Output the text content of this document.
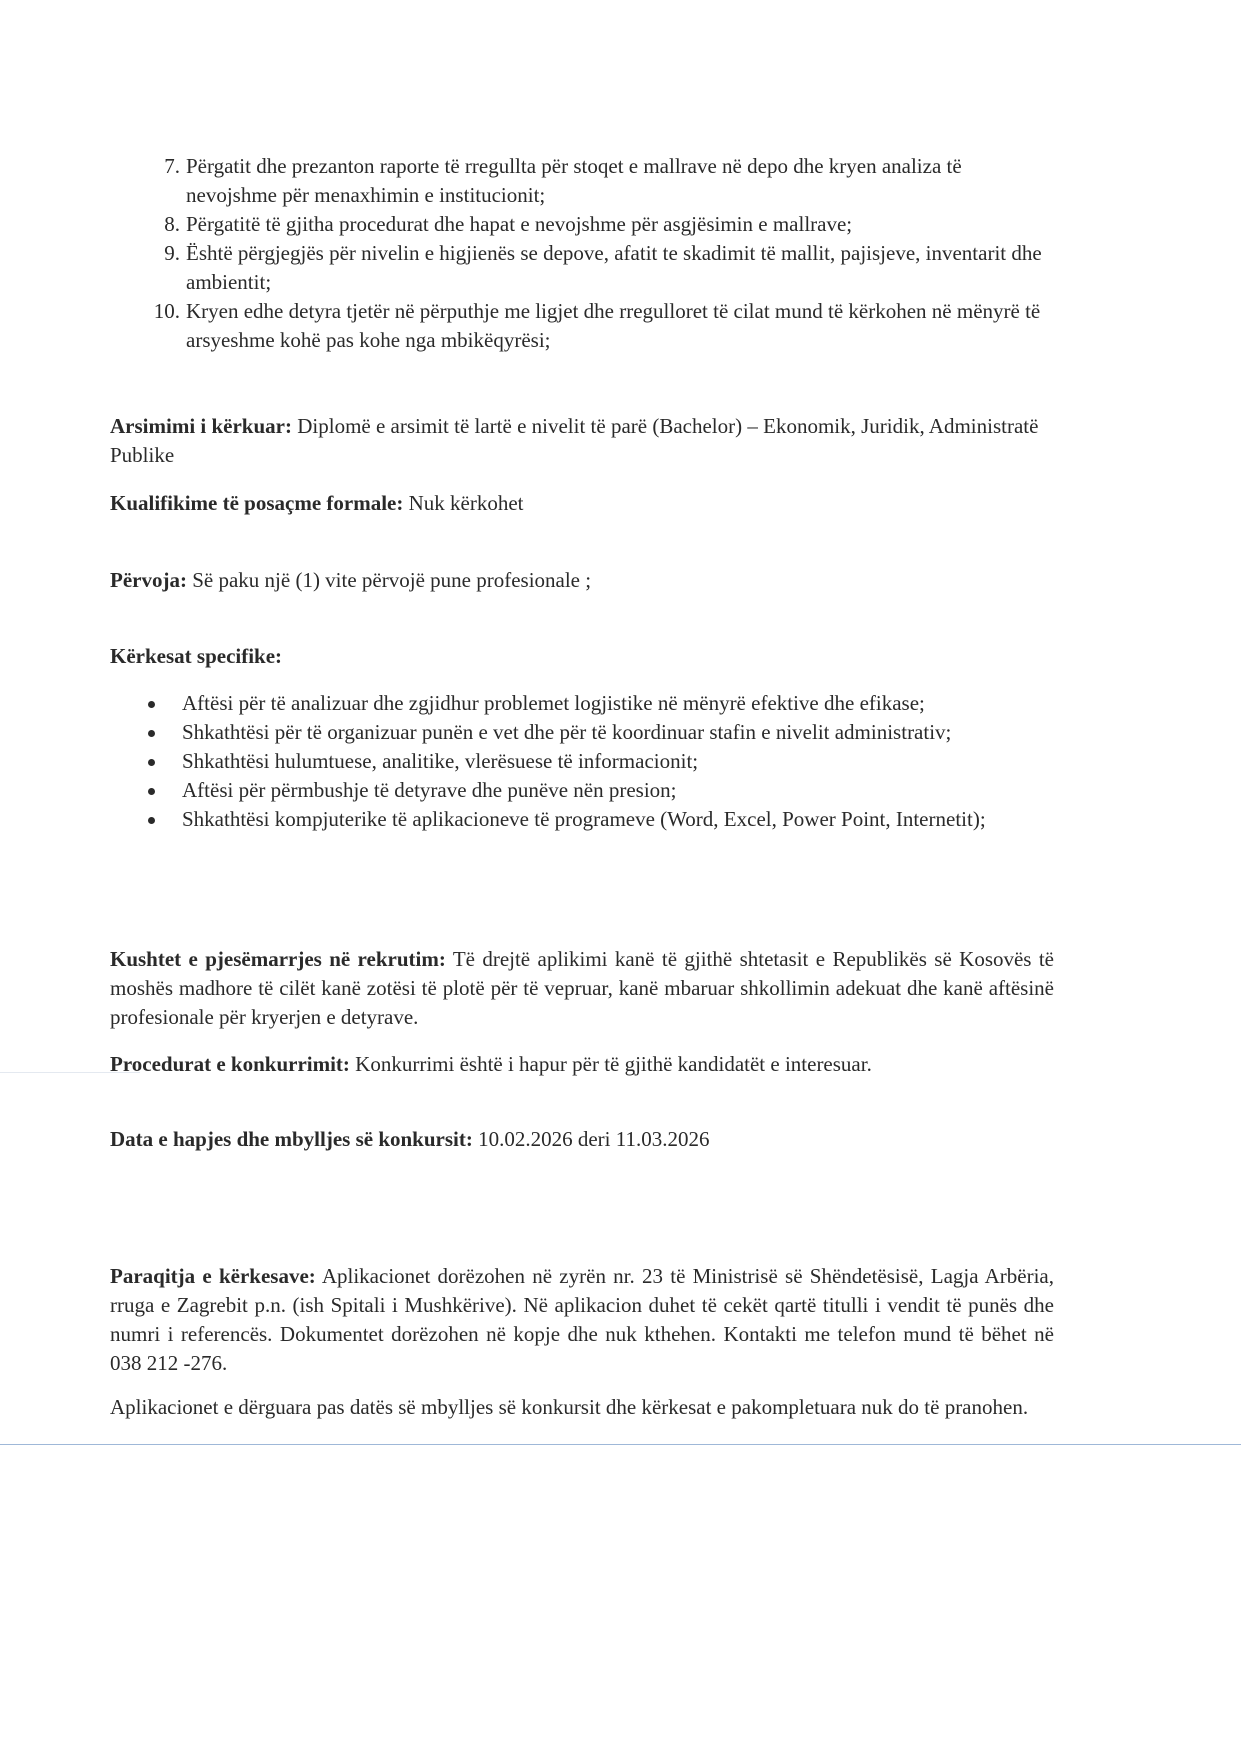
7. Përgatit dhe prezanton raporte të rregullta për stoqet e mallrave në depo dhe kryen analiza të nevojshme për menaxhimin e institucionit;
8. Përgatitë të gjitha procedurat dhe hapat e nevojshme për asgjësimin e mallrave;
9. Është përgjegjës për nivelin e higjienës se depove, afatit te skadimit të mallit, pajisjeve, inventarit dhe ambientit;
10. Kryen edhe detyra tjetër në përputhje me ligjet dhe rregulloret të cilat mund të kërkohen në mënyrë të arsyeshme kohë pas kohe nga mbikëqyrësi;

Arsimimi i kërkuar: Diplomë e arsimit të lartë e nivelit të parë (Bachelor) – Ekonomik, Juridik, Administratë Publike

Kualifikime të posaçme formale: Nuk kërkohet

Përvoja: Së paku një (1) vite përvojë pune profesionale ;

Kërkesat specifike:

Aftësi për të analizuar dhe zgjidhur problemet logjistike në mënyrë efektive dhe efikase;
Shkathtësi për të organizuar punën e vet dhe për të koordinuar stafin e nivelit administrativ;
Shkathtësi hulumtuese, analitike, vlerësuese të informacionit;
Aftësi për përmbushje të detyrave dhe punëve nën presion;
Shkathtësi kompjuterike të aplikacioneve të programeve (Word, Excel, Power Point, Internetit);

Kushtet e pjesëmarrjes në rekrutim: Të drejtë aplikimi kanë të gjithë shtetasit e Republikës së Kosovës të moshës madhore të cilët kanë zotësi të plotë për të vepruar, kanë mbaruar shkollimin adekuat dhe kanë aftësinë profesionale për kryerjen e detyrave.

Procedurat e konkurrimit: Konkurrimi është i hapur për të gjithë kandidatët e interesuar.

Data e hapjes dhe mbylljes së konkursit: 10.02.2026 deri 11.03.2026

Paraqitja e kërkesave: Aplikacionet dorëzohen në zyrën nr. 23 të Ministrisë së Shëndetësisë, Lagja Arbëria, rruga e Zagrebit p.n. (ish Spitali i Mushkërive). Në aplikacion duhet të cekët qartë titulli i vendit të punës dhe numri i referencës. Dokumentet dorëzohen në kopje dhe nuk kthehen. Kontakti me telefon mund të bëhet në 038 212 -276.

Aplikacionet e dërguara pas datës së mbylljes së konkursit dhe kërkesat e pakompletuara nuk do të pranohen.
